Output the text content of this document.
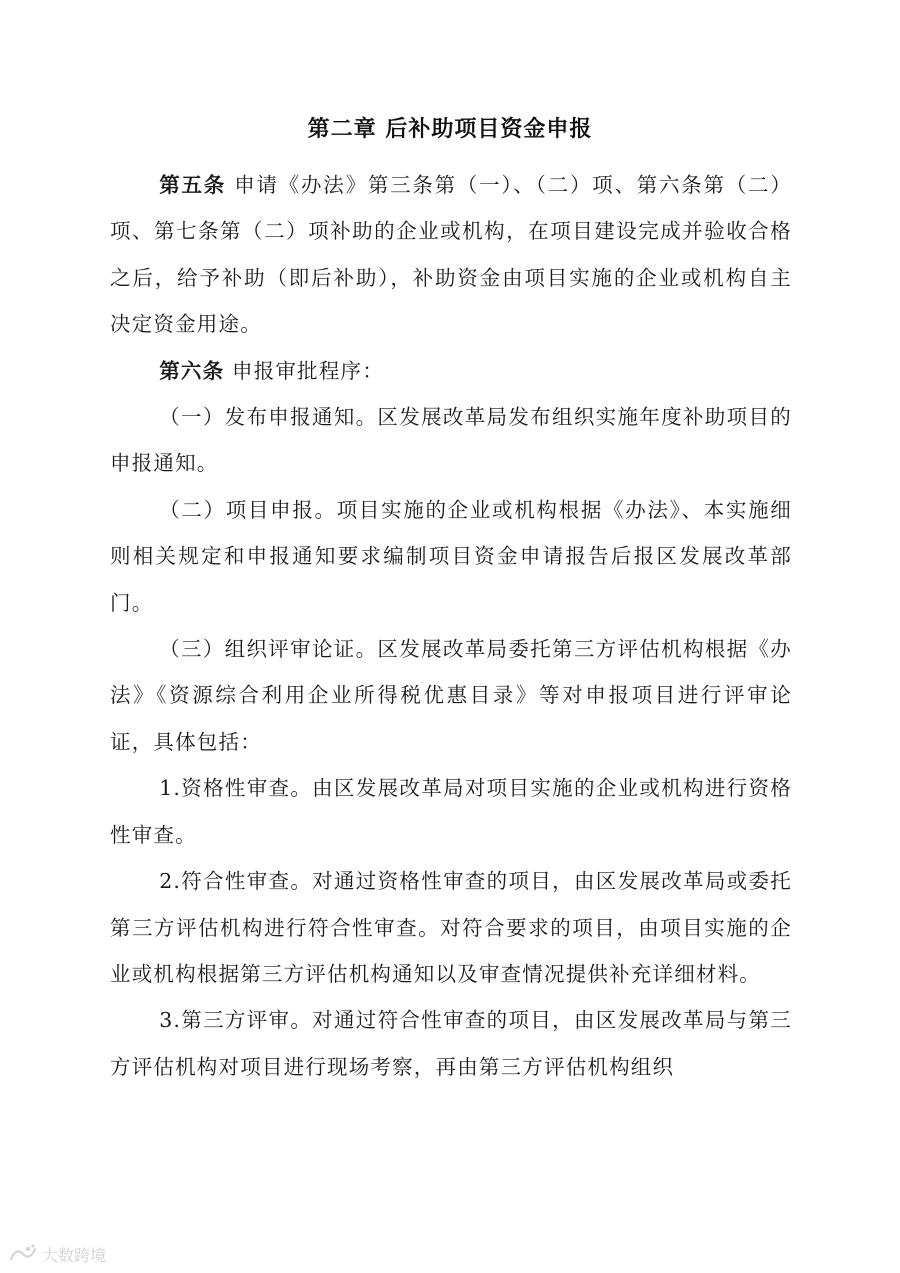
第二章 后补助项目资金申报

第五条 申请《办法》第三条第（一）、（二）项、第六条第（二）项、第七条第（二）项补助的企业或机构，在项目建设完成并验收合格之后，给予补助（即后补助），补助资金由项目实施的企业或机构自主决定资金用途。

第六条 申报审批程序：

（一）发布申报通知。区发展改革局发布组织实施年度补助项目的申报通知。

（二）项目申报。项目实施的企业或机构根据《办法》、本实施细则相关规定和申报通知要求编制项目资金申请报告后报区发展改革部门。

（三）组织评审论证。区发展改革局委托第三方评估机构根据《办法》《资源综合利用企业所得税优惠目录》等对申报项目进行评审论证，具体包括：

1.资格性审查。由区发展改革局对项目实施的企业或机构进行资格性审查。

2.符合性审查。对通过资格性审查的项目，由区发展改革局或委托第三方评估机构进行符合性审查。对符合要求的项目，由项目实施的企业或机构根据第三方评估机构通知以及审查情况提供补充详细材料。

3.第三方评审。对通过符合性审查的项目，由区发展改革局与第三方评估机构对项目进行现场考察，再由第三方评估机构组织

大数跨境
